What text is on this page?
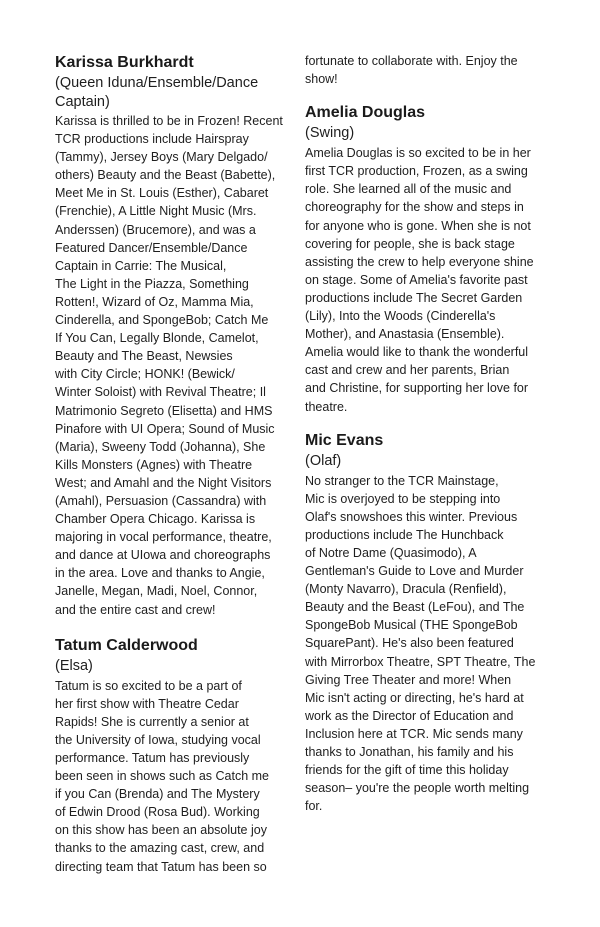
Karissa Burkhardt

(Queen Iduna/Ensemble/Dance
Captain)

Karissa is thrilled to be in Frozen! Recent
TCR productions include Hairspray
(Tammy), Jersey Boys (Mary Delgado/
others) Beauty and the Beast (Babette),
Meet Me in St. Louis (Esther), Cabaret
(Frenchie), A Little Night Music (Mrs.
Anderssen) (Brucemore), and was a
Featured Dancer/Ensemble/Dance
Captain in Carrie: The Musical,
The Light in the Piazza, Something
Rotten!, Wizard of Oz, Mamma Mia,
Cinderella, and SpongeBob; Catch Me
If You Can, Legally Blonde, Camelot,
Beauty and The Beast, Newsies
with City Circle; HONK! (Bewick/
Winter Soloist) with Revival Theatre; Il
Matrimonio Segreto (Elisetta) and HMS
Pinafore with UI Opera; Sound of Music
(Maria), Sweeny Todd (Johanna), She
Kills Monsters (Agnes) with Theatre
West; and Amahl and the Night Visitors
(Amahl), Persuasion (Cassandra) with
Chamber Opera Chicago. Karissa is
majoring in vocal performance, theatre,
and dance at UIowa and choreographs
in the area. Love and thanks to Angie,
Janelle, Megan, Madi, Noel, Connor,
and the entire cast and crew!

Tatum Calderwood

(Elsa)

Tatum is so excited to be a part of
her first show with Theatre Cedar
Rapids! She is currently a senior at
the University of Iowa, studying vocal
performance. Tatum has previously
been seen in shows such as Catch me
if you Can (Brenda) and The Mystery
of Edwin Drood (Rosa Bud). Working
on this show has been an absolute joy
thanks to the amazing cast, crew, and
directing team that Tatum has been so

fortunate to collaborate with. Enjoy the
show!

Amelia Douglas

(Swing)

Amelia Douglas is so excited to be in her
first TCR production, Frozen, as a swing
role. She learned all of the music and
choreography for the show and steps in
for anyone who is gone. When she is not
covering for people, she is back stage
assisting the crew to help everyone shine
on stage. Some of Amelia's favorite past
productions include The Secret Garden
(Lily), Into the Woods (Cinderella's
Mother), and Anastasia (Ensemble).
Amelia would like to thank the wonderful
cast and crew and her parents, Brian
and Christine, for supporting her love for
theatre.

Mic Evans

(Olaf)

No stranger to the TCR Mainstage,
Mic is overjoyed to be stepping into
Olaf's snowshoes this winter. Previous
productions include The Hunchback
of Notre Dame (Quasimodo), A
Gentleman's Guide to Love and Murder
(Monty Navarro), Dracula (Renfield),
Beauty and the Beast (LeFou), and The
SpongeBob Musical (THE SpongeBob
SquarePant). He's also been featured
with Mirrorbox Theatre, SPT Theatre, The
Giving Tree Theater and more! When
Mic isn't acting or directing, he's hard at
work as the Director of Education and
Inclusion here at TCR. Mic sends many
thanks to Jonathan, his family and his
friends for the gift of time this holiday
season– you're the people worth melting
for.
